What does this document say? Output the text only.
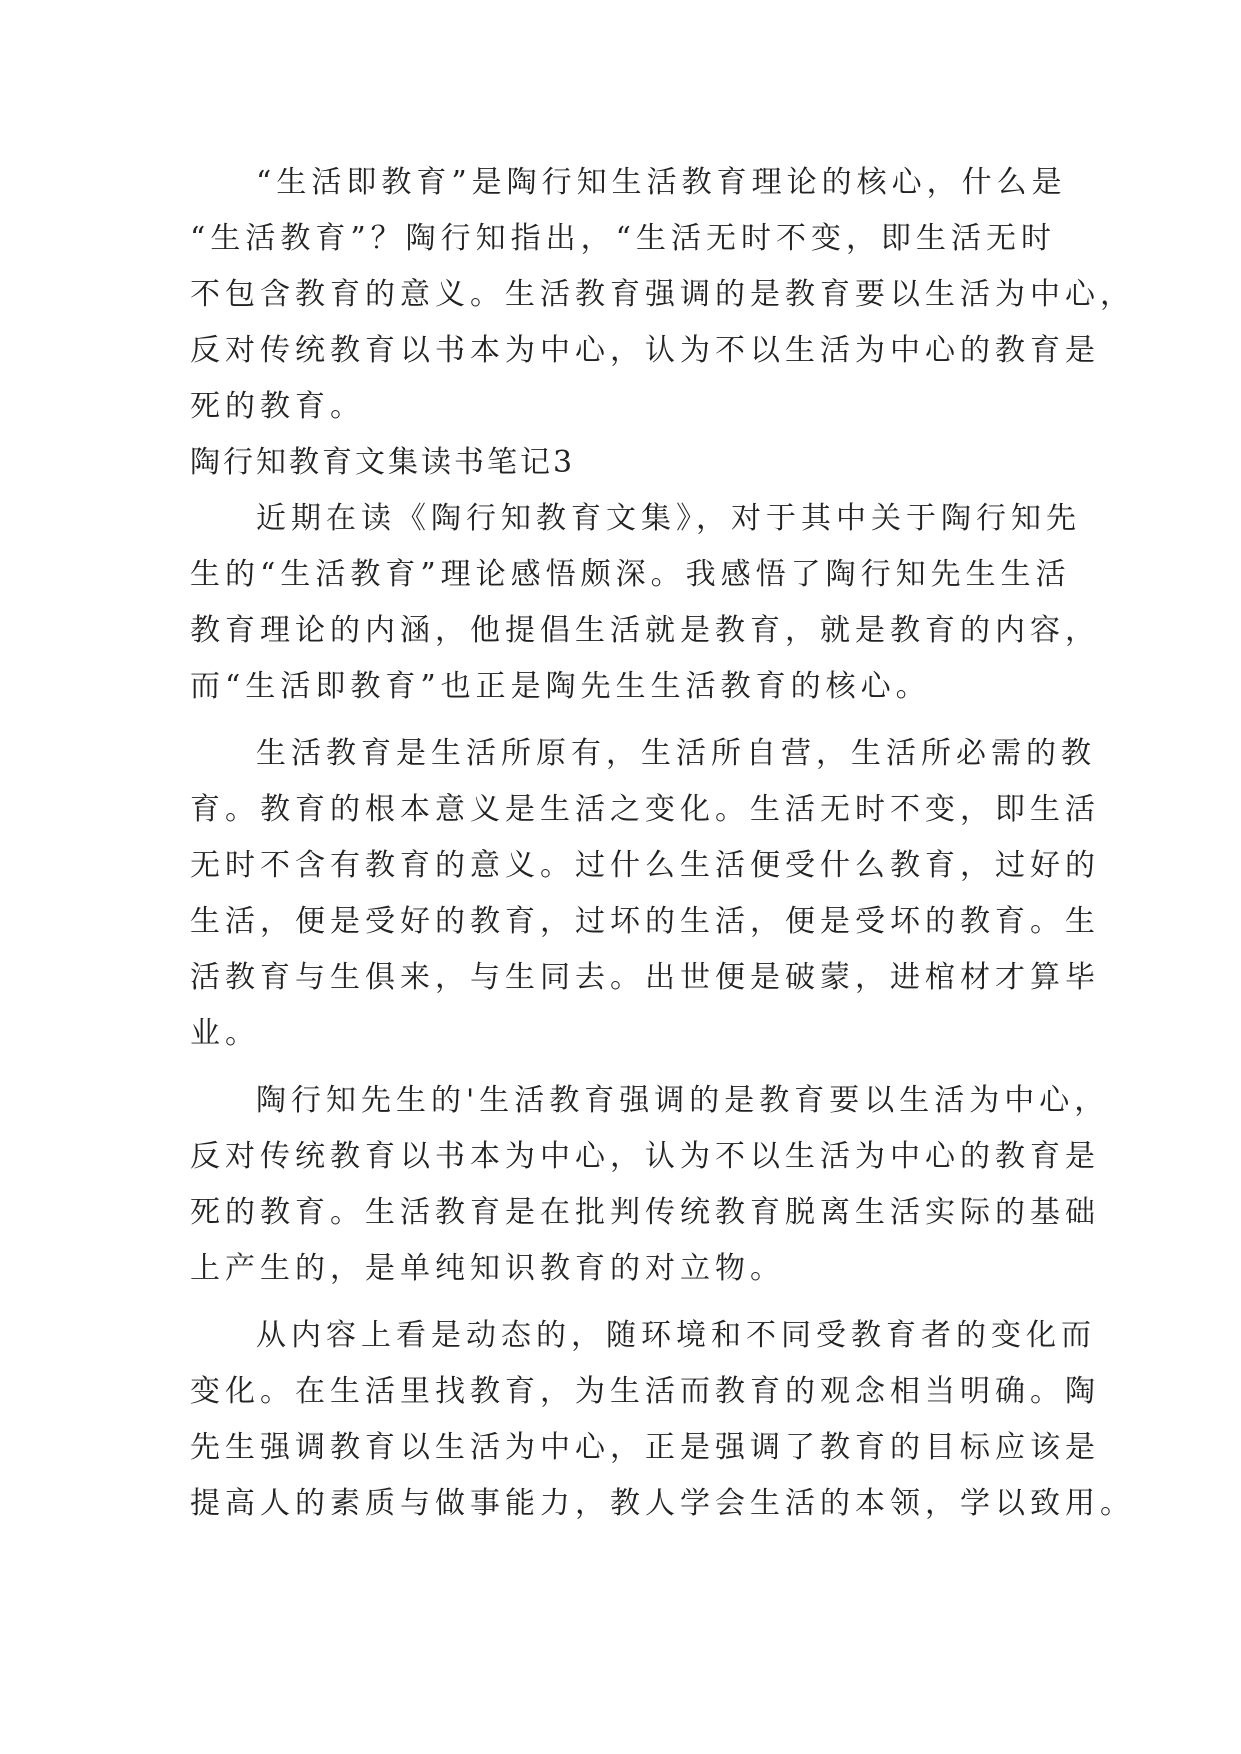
“生活即教育”是陶行知生活教育理论的核心，什么是
“生活教育”？陶行知指出，“生活无时不变，即生活无时
不包含教育的意义。生活教育强调的是教育要以生活为中心，
反对传统教育以书本为中心，认为不以生活为中心的教育是
死的教育。
陶行知教育文集读书笔记3
近期在读《陶行知教育文集》，对于其中关于陶行知先
生的“生活教育”理论感悟颇深。我感悟了陶行知先生生活
教育理论的内涵，他提倡生活就是教育，就是教育的内容，
而“生活即教育”也正是陶先生生活教育的核心。
生活教育是生活所原有，生活所自营，生活所必需的教
育。教育的根本意义是生活之变化。生活无时不变，即生活
无时不含有教育的意义。过什么生活便受什么教育，过好的
生活，便是受好的教育，过坏的生活，便是受坏的教育。生
活教育与生俱来，与生同去。出世便是破蒙，进棺材才算毕
业。
陶行知先生的'生活教育强调的是教育要以生活为中心，
反对传统教育以书本为中心，认为不以生活为中心的教育是
死的教育。生活教育是在批判传统教育脱离生活实际的基础
上产生的，是单纯知识教育的对立物。
从内容上看是动态的，随环境和不同受教育者的变化而
变化。在生活里找教育，为生活而教育的观念相当明确。陶
先生强调教育以生活为中心，正是强调了教育的目标应该是
提高人的素质与做事能力，教人学会生活的本领，学以致用。
